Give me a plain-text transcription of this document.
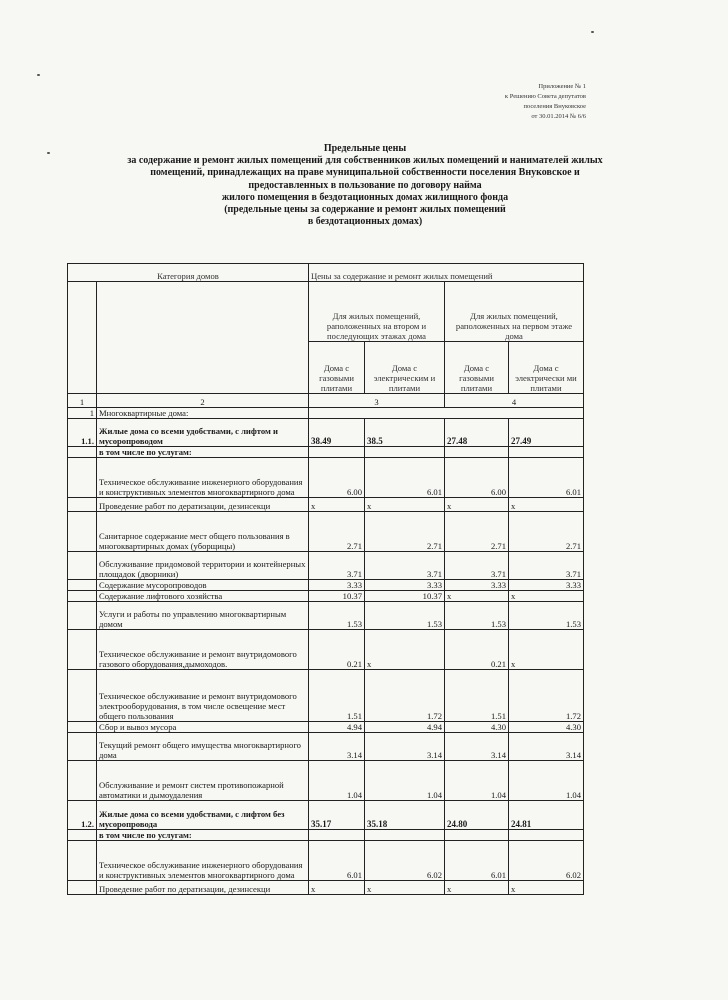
Приложение № 1
к Решению Совета депутатов
поселения Внуковское
от 30.01.2014 № 6/6
Предельные цены
за содержание и ремонт жилых помещений для собственников жилых помещений и нанимателей жилых
помещений, принадлежащих на праве муниципальной собственности поселения Внуковское и
предоставленных в пользование по договору найма
жилого помещения в бездотационных домах жилищного фонда
(предельные цены за содержание и ремонт жилых помещений
в бездотационных домах)
Категория домов		Цены за содержание и ремонт жилых помещений			
		Для жилых помещений, раположенных на втором и последующих этажах дома		Для жилых помещений, раположенных на первом этаже дома	
		Дома с газовыми плитами	Дома с электрическим и плитами	Дома с газовыми плитами	Дома с электрически ми плитами
1	2	3		4	
1	Многоквартирные дома:				
1.1.	Жилые дома со всеми удобствами, с лифтом и мусоропроводом	38.49	38.5	27.48	27.49
	в том числе по услугам:				
	Техническое обслуживание инженерного оборудования и конструктивных элементов многоквартирного дома	6.00	6.01	6.00	6.01
	Проведение работ по дератизации, дезинсекци	x	x	x	x
	Санитарное содержание мест общего пользования в многоквартирных домах (уборщицы)	2.71	2.71	2.71	2.71
	Обслуживание придомовой территории и контейнерных площадок (дворники)	3.71	3.71	3.71	3.71
	Содержание мусоропроводов	3.33	3.33	3.33	3.33
	Содержание лифтового хозяйства	10.37	10.37	x	x
	Услуги и работы по управлению многоквартирным домом	1.53	1.53	1.53	1.53
	Техническое обслуживание и ремонт внутридомового газового оборудования,дымоходов.	0.21	x	0.21	x
	Техническое обслуживание и ремонт внутридомового электрооборудования, в том числе освещение мест общего пользования	1.51	1.72	1.51	1.72
	Сбор и вывоз мусора	4.94	4.94	4.30	4.30
	Текущий ремонт общего имущества многоквартирного дома	3.14	3.14	3.14	3.14
	Обслуживание и ремонт систем противопожарной автоматики и дымоудаления	1.04	1.04	1.04	1.04
1.2.	Жилые дома со всеми удобствами, с лифтом без мусоропровода	35.17	35.18	24.80	24.81
	в том числе по услугам:				
	Техническое обслуживание инженерного оборудования и конструктивных элементов многоквартирного дома	6.01	6.02	6.01	6.02
	Проведение работ по дератизации, дезинсекци	x	x	x	x
